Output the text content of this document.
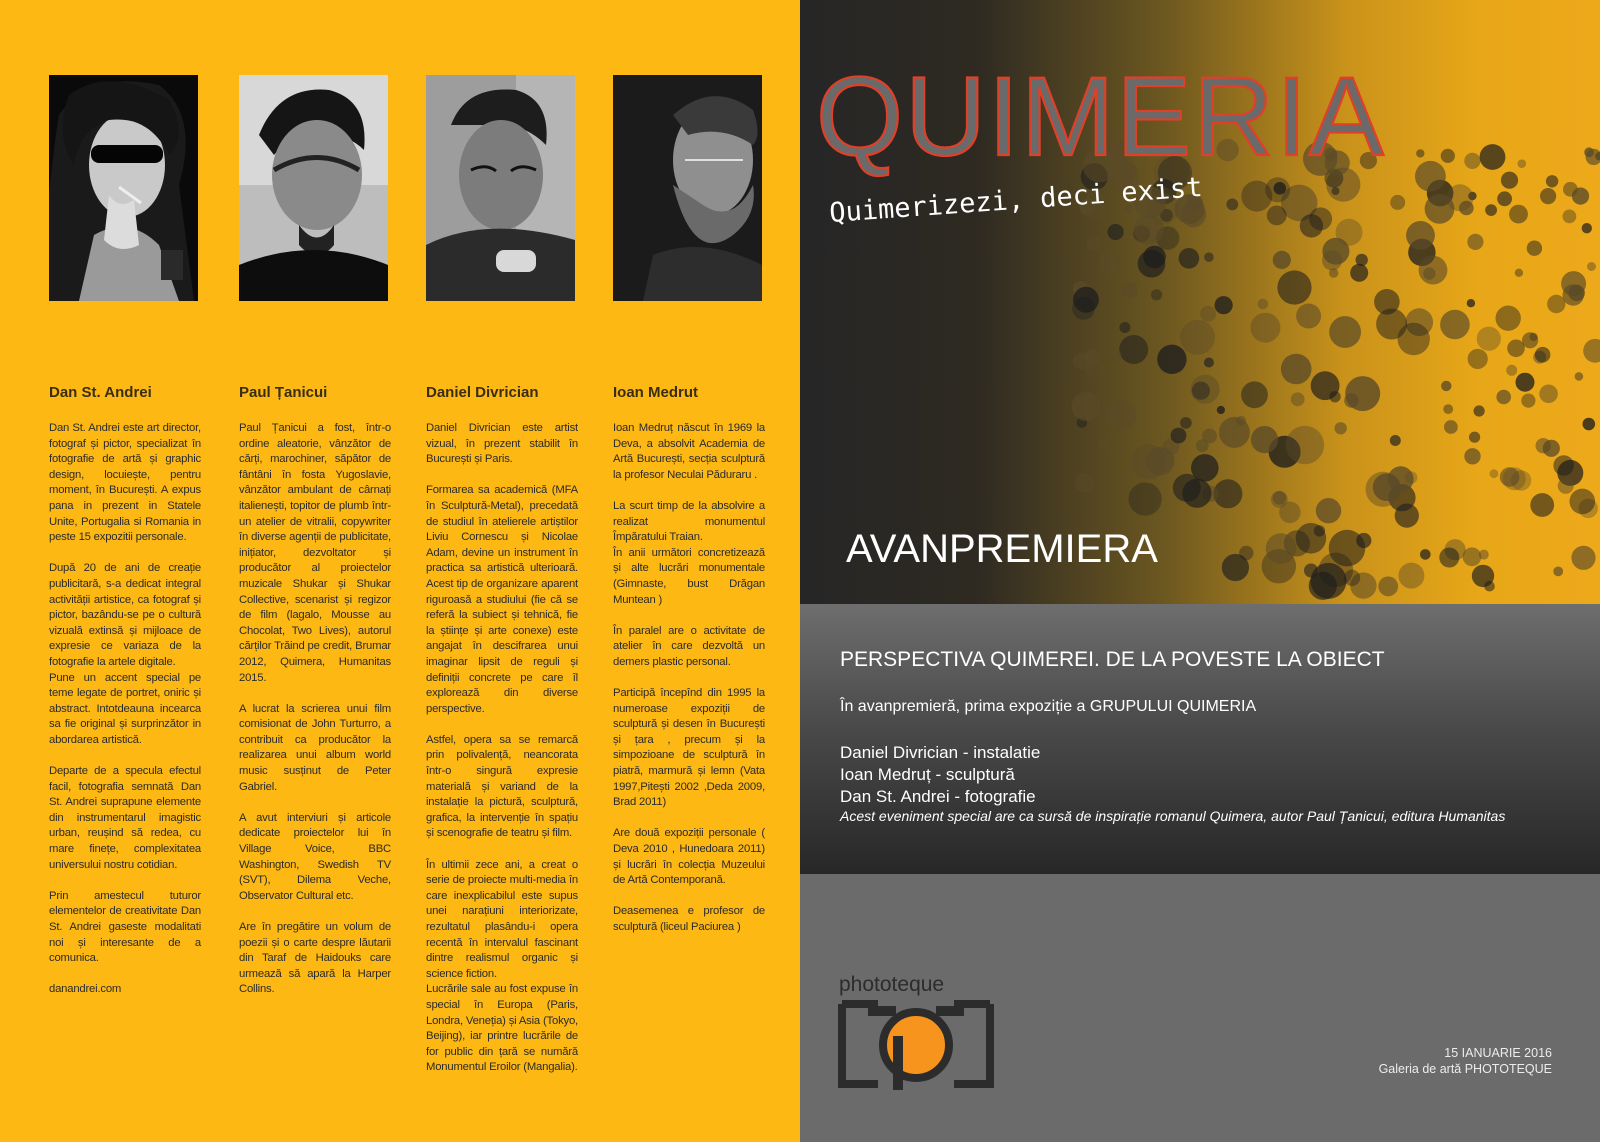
Dan St. Andrei

Dan St. Andrei este art director, fotograf și pictor, specializat în fotografie de artă și graphic design, locuiește, pentru moment, în București. A expus pana in prezent in Statele Unite, Portugalia si Romania in peste 15 expozitii personale.

După 20 de ani de creație publicitară, s-a dedicat integral activității artistice, ca fotograf și pictor, bazându-se pe o cultură vizuală extinsă și mijloace de expresie ce variaza de la fotografie la artele digitale.

Pune un accent special pe teme legate de portret, oniric și abstract. Intotdeauna incearca sa fie original și surprinzător in abordarea artistică.

Departe de a specula efectul facil, fotografia semnată Dan St. Andrei suprapune elemente din instrumentarul imagistic urban, reușind să redea, cu mare finețe, complexitatea universului nostru cotidian.

Prin amestecul tuturor elementelor de creativitate Dan St. Andrei gaseste modalitati noi și interesante de a comunica.

danandrei.com

Paul Țanicui

Paul Țanicui a fost, într-o ordine aleatorie, vânzător de cărți, marochiner, săpător de fântâni în fosta Yugoslavie, vânzător ambulant de cârnați italienești, topitor de plumb într-un atelier de vitralii, copywriter în diverse agenții de publicitate, inițiator, dezvoltator și producător al proiectelor muzicale Shukar și Shukar Collective, scenarist și regizor de film (lagalo, Mousse au Chocolat, Two Lives), autorul cărților Trăind pe credit, Brumar 2012, Quimera, Humanitas 2015.

A lucrat la scrierea unui film comisionat de John Turturro, a contribuit ca producător la realizarea unui album world music susținut de Peter Gabriel.

A avut interviuri și articole dedicate proiectelor lui în Village Voice, BBC Washington, Swedish TV (SVT), Dilema Veche, Observator Cultural etc.

Are în pregătire un volum de poezii și o carte despre lăutarii din Taraf de Haidouks care urmează să apară la Harper Collins.

Daniel Divrician

Daniel Divrician este artist vizual, în prezent stabilit în București și Paris.

Formarea sa academică (MFA în Sculptură-Metal), precedată de studiul în atelierele artiștilor Liviu Cornescu și Nicolae Adam, devine un instrument în practica sa artistică ulterioară. Acest tip de organizare aparent riguroasă a studiului (fie că se referă la subiect și tehnică, fie la științe și arte conexe) este angajat în descifrarea unui imaginar lipsit de reguli și definiții concrete pe care îl explorează din diverse perspective.

Astfel, opera sa se remarcă prin polivalență, neancorata într-o singură expresie materială și variand de la instalație la pictură, sculptură, grafica, la intervenție în spațiu și scenografie de teatru și film.

În ultimii zece ani, a creat o serie de proiecte multi-media în care inexplicabilul este supus unei narațiuni interiorizate, rezultatul plasându-i opera recentă în intervalul fascinant dintre realismul organic și science fiction.

Lucrările sale au fost expuse în special în Europa (Paris, Londra, Veneția) și Asia (Tokyo, Beijing), iar printre lucrările de for public din țară se numără Monumentul Eroilor (Mangalia).

Ioan Medrut

Ioan Medruț născut în 1969 la Deva, a absolvit Academia de Artă București, secția sculptură la profesor Neculai Păduraru .

La scurt timp de la absolvire a realizat monumentul Împăratului Traian.

În anii următori concretizează și alte lucrări monumentale (Gimnaste, bust Drăgan Muntean )

În paralel are o activitate de atelier în care dezvoltă un demers plastic personal.

Participă începînd din 1995 la numeroase expoziții de sculptură și desen în București și țara , precum și la simpozioane de sculptură în piatră, marmură și lemn (Vata 1997,Pitești 2002 ,Deda 2009, Brad 2011)

Are două expoziții personale ( Deva 2010 , Hunedoara 2011) și lucrări în colecția Muzeului de Artă Contemporană.

Deasemenea e profesor de sculptură (liceul Paciurea )

QUIMERIA
Quimerizezi, deci exist
AVANPREMIERA
PERSPECTIVA QUIMEREI. DE LA POVESTE LA OBIECT
În avanpremieră, prima expoziție a GRUPULUI QUIMERIA
Daniel Divrician - instalatie
Ioan Medruț - sculptură
Dan St. Andrei - fotografie
Acest eveniment special are ca sursă de inspirație romanul Quimera, autor Paul Țanicui, editura Humanitas
phototeque
15 IANUARIE 2016
Galeria de artă PHOTOTEQUE
